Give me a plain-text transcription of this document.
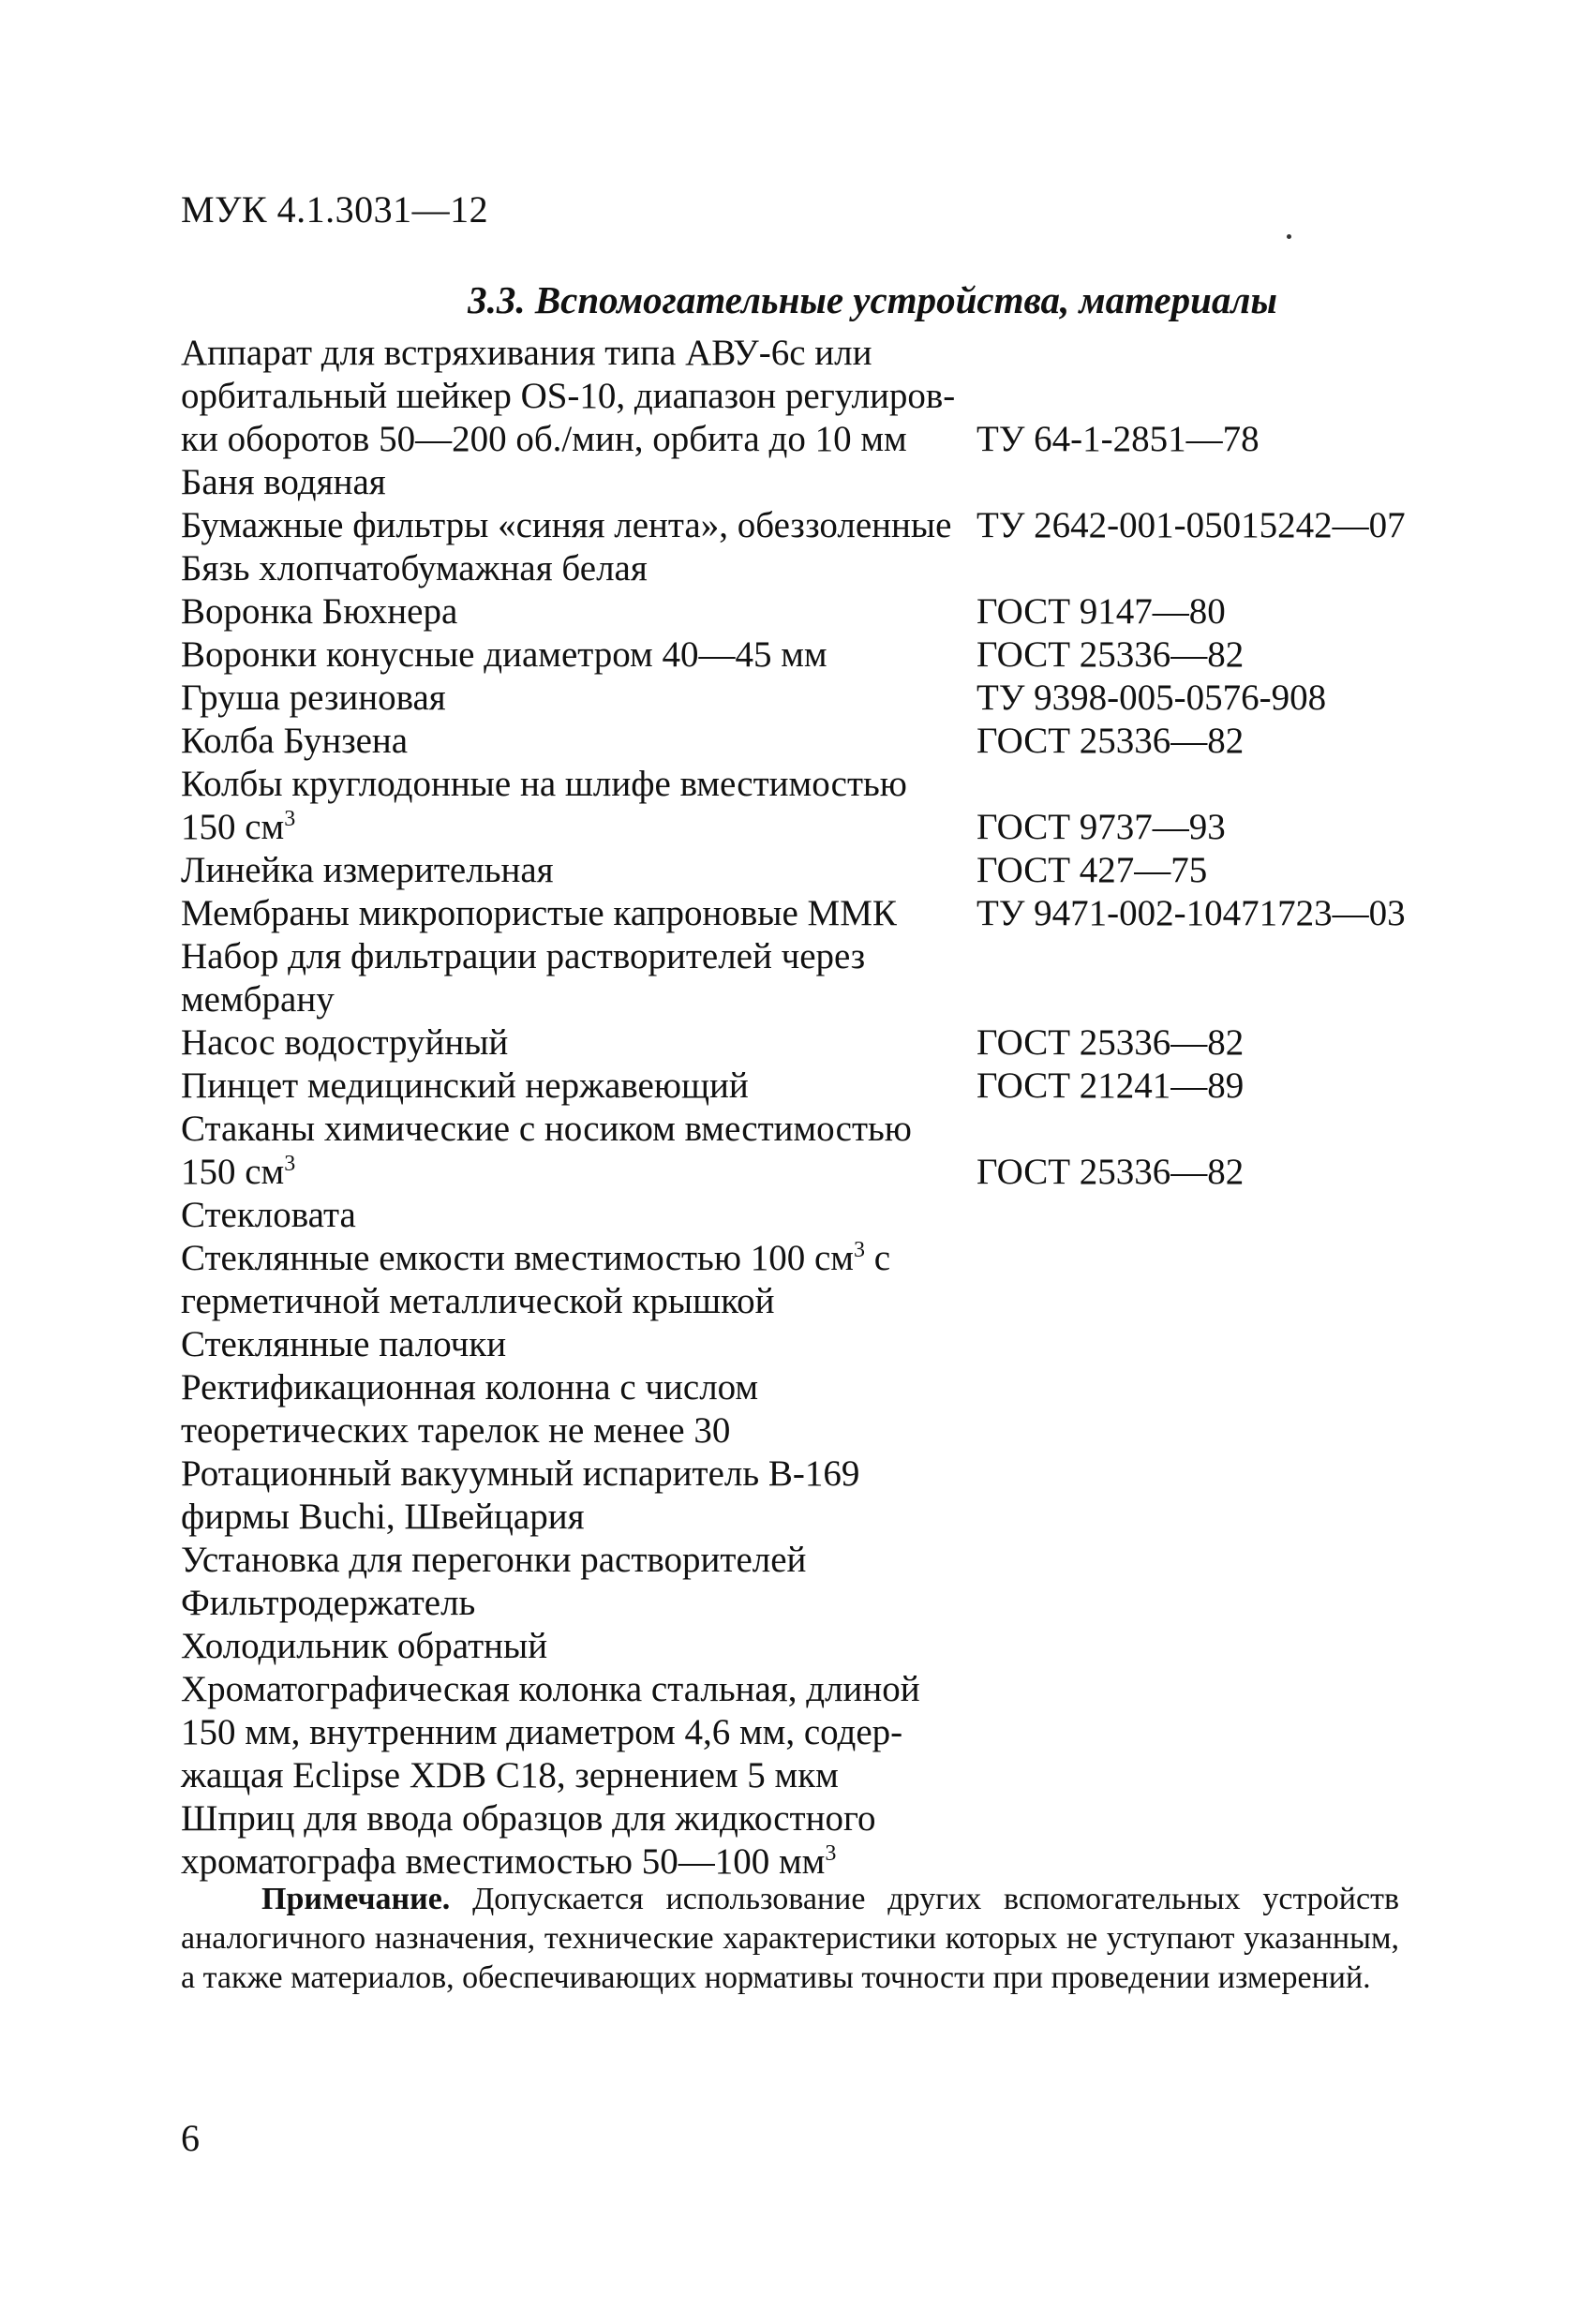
МУК 4.1.3031—12
3.3. Вспомогательные устройства, материалы
Аппарат для встряхивания типа АВУ-6с или
орбитальный шейкер OS-10, диапазон регулиров-
ки оборотов 50—200 об./мин, орбита до 10 мм ТУ 64-1-2851—78
Баня водяная
Бумажные фильтры «синяя лента», обеззоленные ТУ 2642-001-05015242—07
Бязь хлопчатобумажная белая
Воронка Бюхнера	ГОСТ 9147—80
Воронки конусные диаметром 40—45 мм	ГОСТ 25336—82
Груша резиновая	ТУ 9398-005-0576-908
Колба Бунзена	ГОСТ 25336—82
Колбы круглодонные на шлифе вместимостью
150 $см^3$	ГОСТ 9737—93
Линейка измерительная	ГОСТ 427—75
Мембраны микропористые капроновые ММК ТУ 9471-002-10471723—03
Набор для фильтрации растворителей через
мембрану
Насос водоструйный	ГОСТ 25336—82
Пинцет медицинский нержавеющий	ГОСТ 21241—89
Стаканы химические с носиком вместимостью
150 $см^3$	ГОСТ 25336—82
Стекловата
Стеклянные емкости вместимостью 100 $см^3$ с
герметичной металлической крышкой
Стеклянные палочки
Ректификационная колонна с числом
теоретических тарелок не менее 30
Ротационный вакуумный испаритель В-169
фирмы Buchi, Швейцария
Установка для перегонки растворителей
Фильтродержатель
Холодильник обратный
Хроматографическая колонка стальная, длиной
150 мм, внутренним диаметром 4,6 мм, содер-
жащая Eclipse XDB C18, зернением 5 мкм
Шприц для ввода образцов для жидкостного
хроматографа вместимостью 50—100 $мм^3$
Примечание. Допускается использование других вспомогательных устройств аналогичного назначения, технические характеристики которых не уступают указанным, а также материалов, обеспечивающих нормативы точности при проведении измерений.
6
